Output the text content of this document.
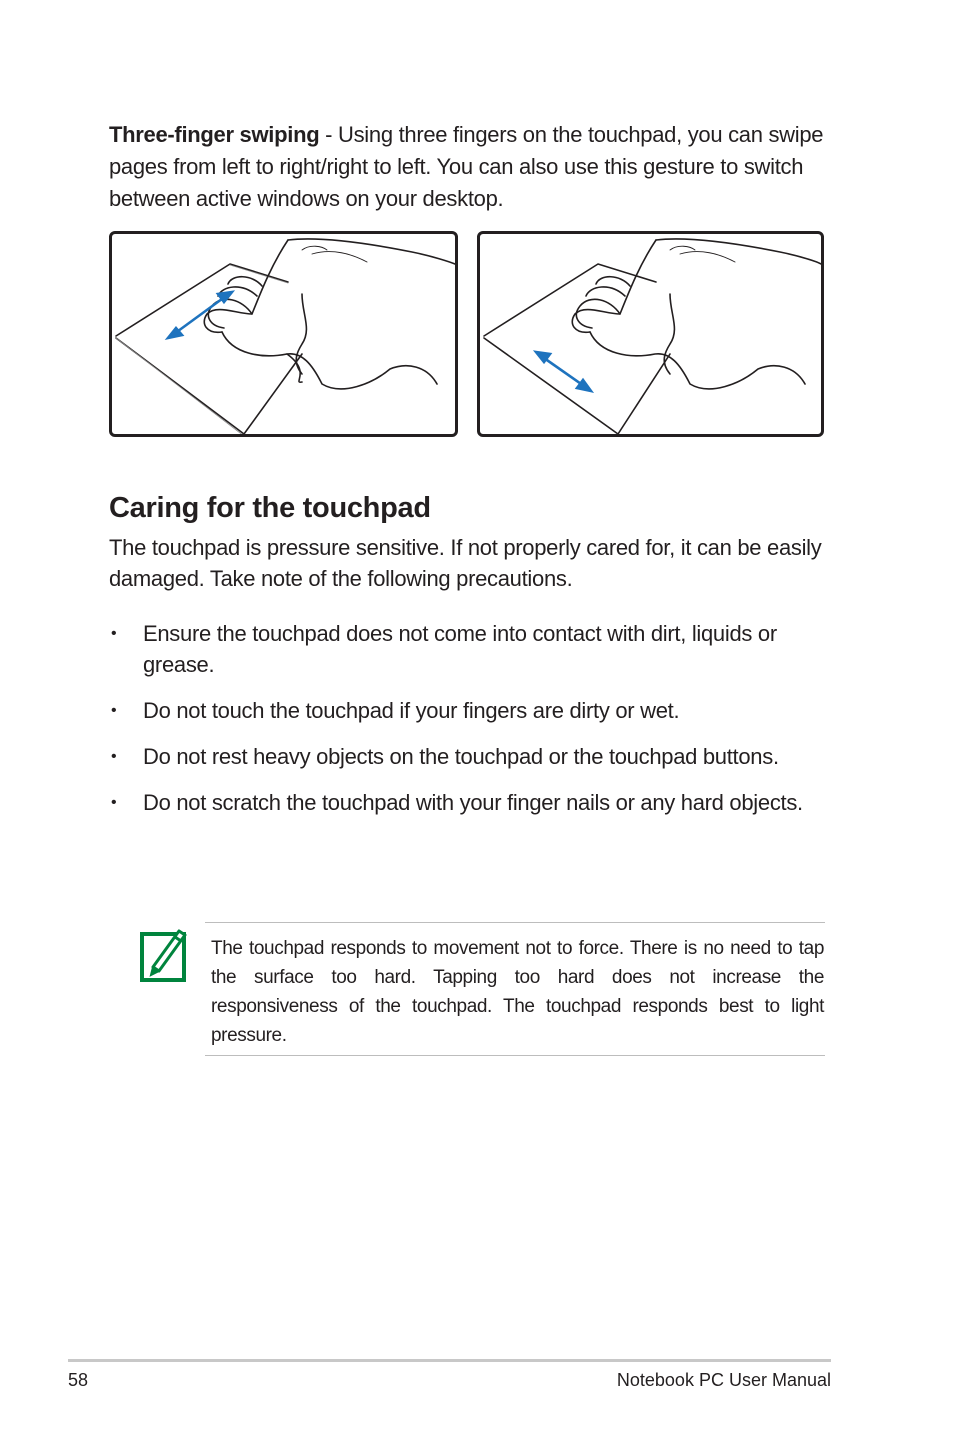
Three-finger swiping - Using three fingers on the touchpad, you can swipe pages from left to right/right to left. You can also use this gesture to switch between active windows on your desktop.

Caring for the touchpad

The touchpad is pressure sensitive. If not properly cared for, it can be easily damaged. Take note of the following precautions.

• Ensure the touchpad does not come into contact with dirt, liquids or grease.
• Do not touch the touchpad if your fingers are dirty or wet.
• Do not rest heavy objects on the touchpad or the touchpad buttons.
• Do not scratch the touchpad with your finger nails or any hard objects.

The touchpad responds to movement not to force. There is no need to tap the surface too hard. Tapping too hard does not increase the responsiveness of the touchpad. The touchpad responds best to light pressure.

58	Notebook PC User Manual
